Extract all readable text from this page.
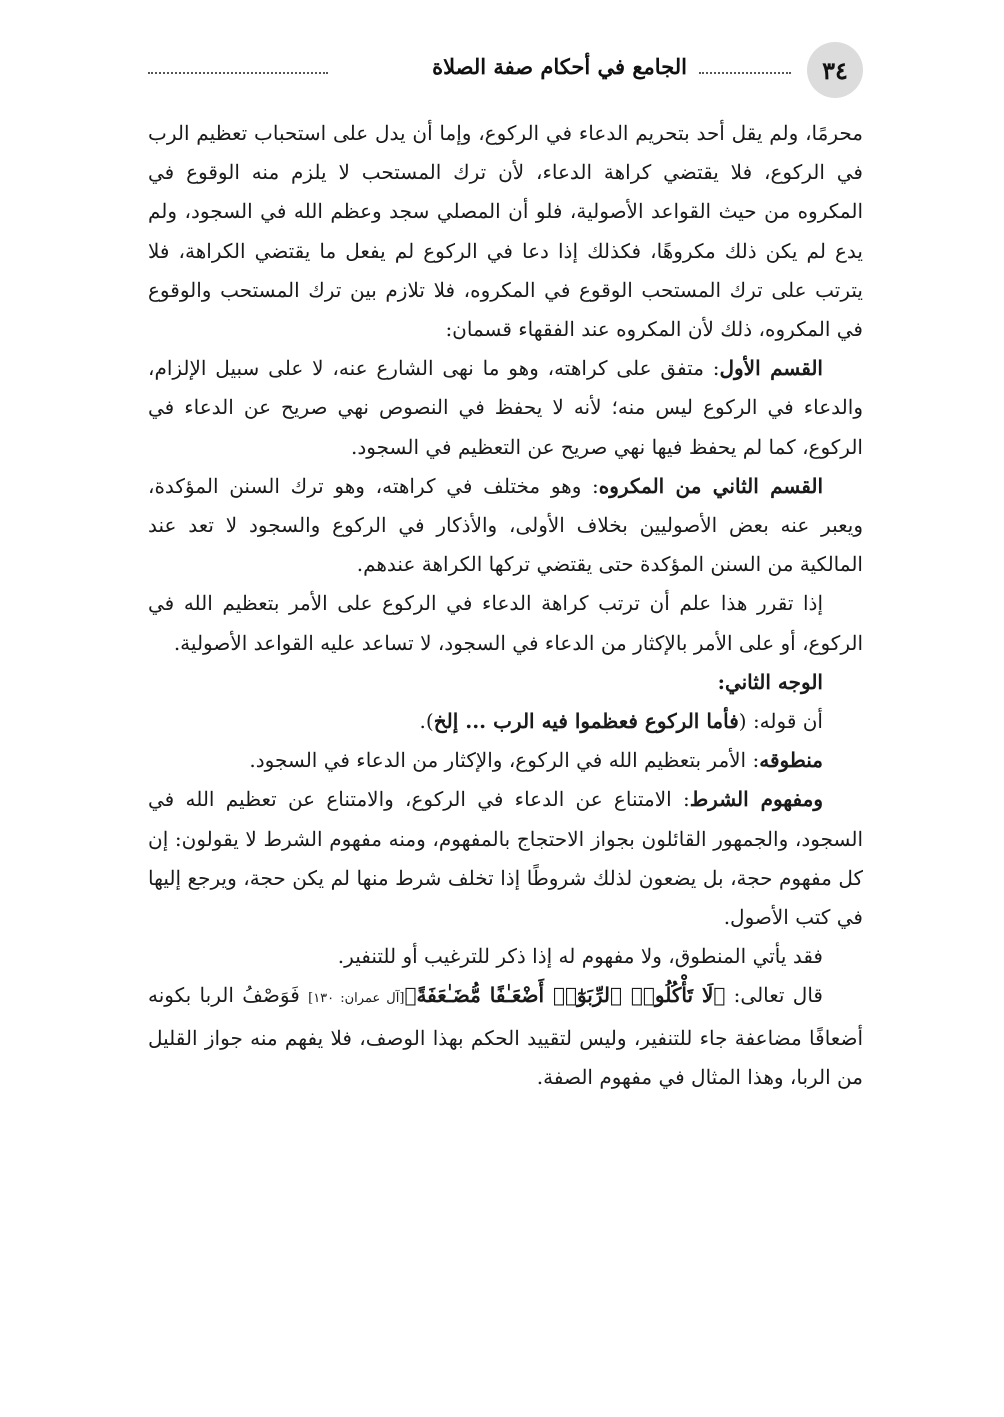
٣٤
الجامع في أحكام صفة الصلاة

محرمًا، ولم يقل أحد بتحريم الدعاء في الركوع، وإما أن يدل على استحباب تعظيم الرب في الركوع، فلا يقتضي كراهة الدعاء، لأن ترك المستحب لا يلزم منه الوقوع في المكروه من حيث القواعد الأصولية، فلو أن المصلي سجد وعظم الله في السجود، ولم يدع لم يكن ذلك مكروهًا، فكذلك إذا دعا في الركوع لم يفعل ما يقتضي الكراهة، فلا يترتب على ترك المستحب الوقوع في المكروه، فلا تلازم بين ترك المستحب والوقوع في المكروه، ذلك لأن المكروه عند الفقهاء قسمان:

القسم الأول: متفق على كراهته، وهو ما نهى الشارع عنه، لا على سبيل الإلزام، والدعاء في الركوع ليس منه؛ لأنه لا يحفظ في النصوص نهي صريح عن الدعاء في الركوع، كما لم يحفظ فيها نهي صريح عن التعظيم في السجود.

القسم الثاني من المكروه: وهو مختلف في كراهته، وهو ترك السنن المؤكدة، ويعبر عنه بعض الأصوليين بخلاف الأولى، والأذكار في الركوع والسجود لا تعد عند المالكية من السنن المؤكدة حتى يقتضي تركها الكراهة عندهم.

إذا تقرر هذا علم أن ترتب كراهة الدعاء في الركوع على الأمر بتعظيم الله في الركوع، أو على الأمر بالإكثار من الدعاء في السجود، لا تساعد عليه القواعد الأصولية.

الوجه الثاني:

أن قوله: (فأما الركوع فعظموا فيه الرب ... إلخ).

منطوقه: الأمر بتعظيم الله في الركوع، والإكثار من الدعاء في السجود.

ومفهوم الشرط: الامتناع عن الدعاء في الركوع، والامتناع عن تعظيم الله في السجود، والجمهور القائلون بجواز الاحتجاج بالمفهوم، ومنه مفهوم الشرط لا يقولون: إن كل مفهوم حجة، بل يضعون لذلك شروطًا إذا تخلف شرط منها لم يكن حجة، ويرجع إليها في كتب الأصول.

فقد يأتي المنطوق، ولا مفهوم له إذا ذكر للترغيب أو للتنفير.

قال تعالى: ﴿لَا تَأْكُلُوا۟ ٱلرِّبَوٰٓا۟ أَضْعَـٰفًا مُّضَـٰعَفَةً﴾[آل عمران: ١٣٠] فَوَصْفُ الربا بكونه أضعافًا مضاعفة جاء للتنفير، وليس لتقييد الحكم بهذا الوصف، فلا يفهم منه جواز القليل من الربا، وهذا المثال في مفهوم الصفة.
